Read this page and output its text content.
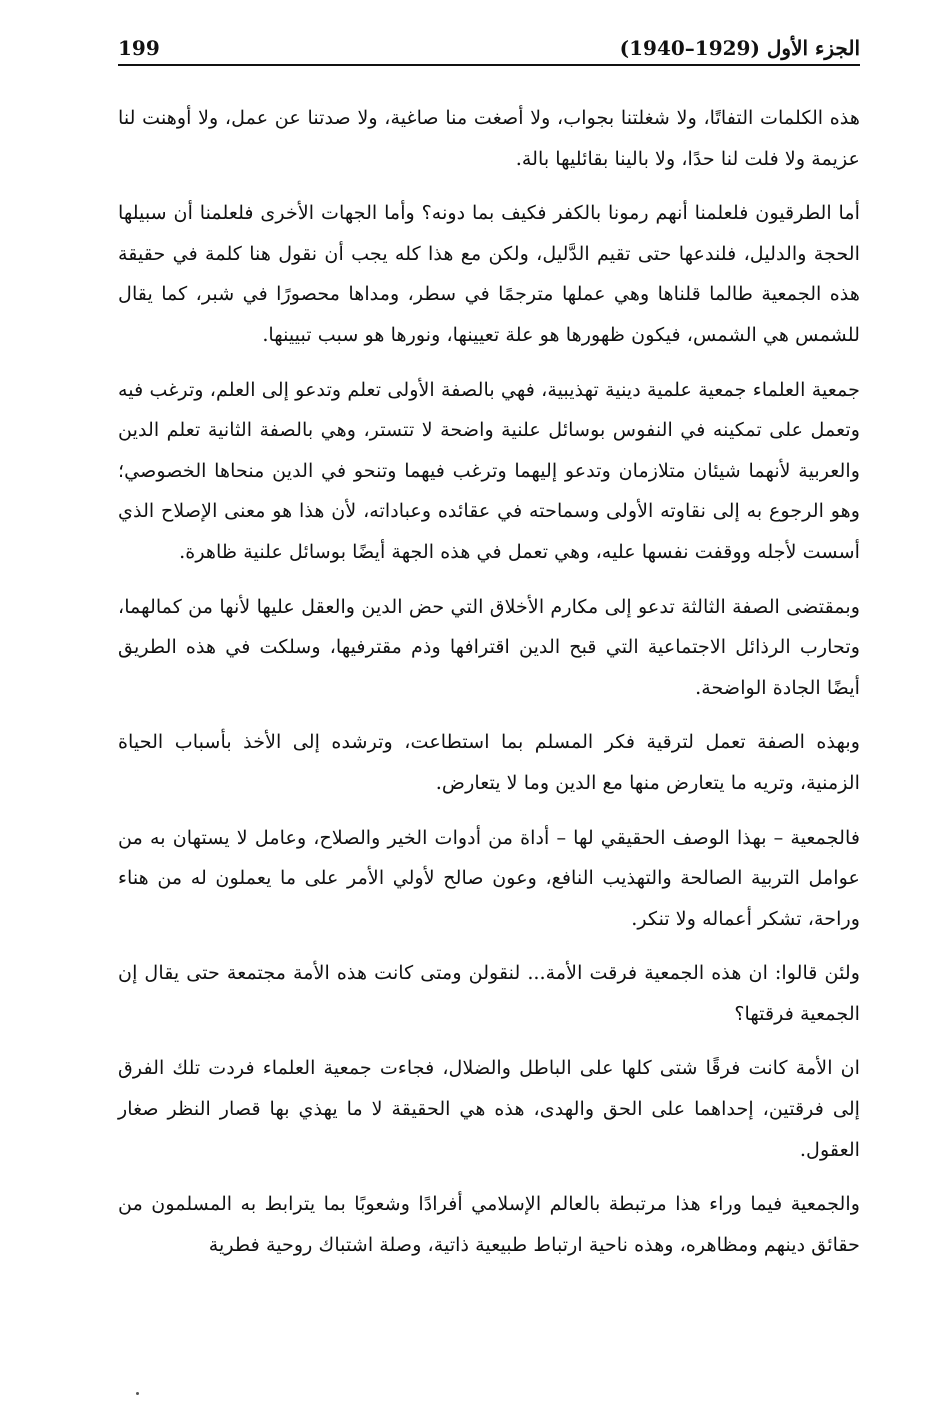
الجزء الأول (1929–1940)
199

هذه الكلمات التفاتًا، ولا شغلتنا بجواب، ولا أصغت منا صاغية، ولا صدتنا عن عمل، ولا أوهنت لنا عزيمة ولا فلت لنا حدًا، ولا بالينا بقائليها بالة.

أما الطرقيون فلعلمنا أنهم رمونا بالكفر فكيف بما دونه؟ وأما الجهات الأخرى فلعلمنا أن سبيلها الحجة والدليل، فلندعها حتى تقيم الدَّليل، ولكن مع هذا كله يجب أن نقول هنا كلمة في حقيقة هذه الجمعية طالما قلناها وهي عملها مترجمًا في سطر، ومداها محصورًا في شبر، كما يقال للشمس هي الشمس، فيكون ظهورها هو علة تعيينها، ونورها هو سبب تبيينها.

جمعية العلماء جمعية علمية دينية تهذيبية، فهي بالصفة الأولى تعلم وتدعو إلى العلم، وترغب فيه وتعمل على تمكينه في النفوس بوسائل علنية واضحة لا تتستر، وهي بالصفة الثانية تعلم الدين والعربية لأنهما شيئان متلازمان وتدعو إليهما وترغب فيهما وتنحو في الدين منحاها الخصوصي؛ وهو الرجوع به إلى نقاوته الأولى وسماحته في عقائده وعباداته، لأن هذا هو معنى الإصلاح الذي أسست لأجله ووقفت نفسها عليه، وهي تعمل في هذه الجهة أيضًا بوسائل علنية ظاهرة.

وبمقتضى الصفة الثالثة تدعو إلى مكارم الأخلاق التي حض الدين والعقل عليها لأنها من كمالهما، وتحارب الرذائل الاجتماعية التي قبح الدين اقترافها وذم مقترفيها، وسلكت في هذه الطريق أيضًا الجادة الواضحة.

وبهذه الصفة تعمل لترقية فكر المسلم بما استطاعت، وترشده إلى الأخذ بأسباب الحياة الزمنية، وتريه ما يتعارض منها مع الدين وما لا يتعارض.

فالجمعية – بهذا الوصف الحقيقي لها – أداة من أدوات الخير والصلاح، وعامل لا يستهان به من عوامل التربية الصالحة والتهذيب النافع، وعون صالح لأولي الأمر على ما يعملون له من هناء وراحة، تشكر أعماله ولا تنكر.

ولئن قالوا: ان هذه الجمعية فرقت الأمة... لنقولن ومتى كانت هذه الأمة مجتمعة حتى يقال إن الجمعية فرقتها؟

ان الأمة كانت فرقًا شتى كلها على الباطل والضلال، فجاءت جمعية العلماء فردت تلك الفرق إلى فرقتين، إحداهما على الحق والهدى، هذه هي الحقيقة لا ما يهذي بها قصار النظر صغار العقول.

والجمعية فيما وراء هذا مرتبطة بالعالم الإسلامي أفرادًا وشعوبًا بما يترابط به المسلمون من حقائق دينهم ومظاهره، وهذه ناحية ارتباط طبيعية ذاتية، وصلة اشتباك روحية فطرية
